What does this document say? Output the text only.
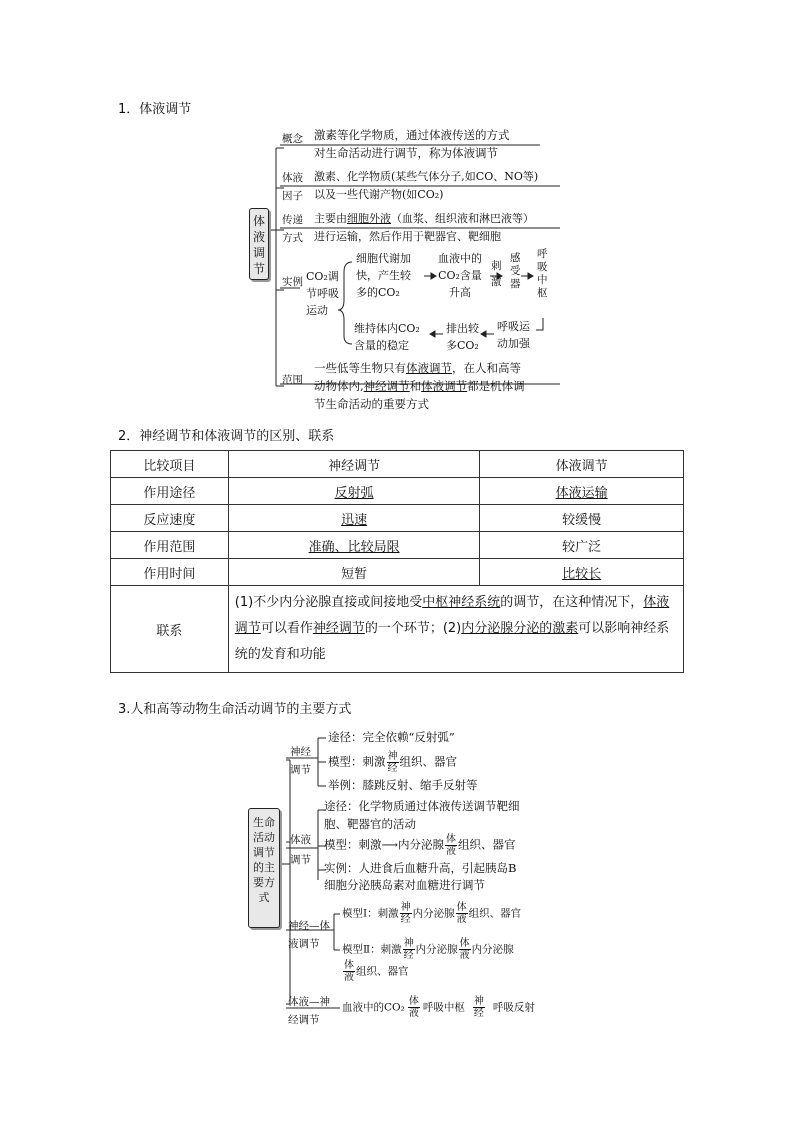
1．体液调节
体
液
调
节
概念 激素等化学物质，通过体液传送的方式
对生命活动进行调节，称为体液调节
体液
因子
激素、化学物质(某些气体分子,如CO、NO等)
以及一些代谢产物(如CO₂)
传递
方式
主要由细胞外液（血浆、组织液和淋巴液等）
进行运输，然后作用于靶器官、靶细胞
实例 CO₂调
节呼吸
运动
细胞代谢加
快，产生较
多的CO₂
血液中的
CO₂含量
升高
刺
激
感
受
器
呼
吸
中
枢
维持体内CO₂
含量的稳定
排出较
多CO₂
呼吸运
动加强
范围
一些低等生物只有体液调节，在人和高等
动物体内,神经调节和体液调节都是机体调
节生命活动的重要方式
2．神经调节和体液调节的区别、联系
比较项目	神经调节	体液调节
作用途径	反射弧	体液运输
反应速度	迅速	较缓慢
作用范围	准确、比较局限	较广泛
作用时间	短暂	比较长
联系	(1)不少内分泌腺直接或间接地受中枢神经系统的调节，在这种情况下，体液调节可以看作神经调节的一个环节；(2)内分泌腺分泌的激素可以影响神经系统的发育和功能	
3.人和高等动物生命活动调节的主要方式
生命
活动
调节
的主
要方
式
神经
调节
途径：完全依赖“反射弧”
模型：刺激 $\frac{\text{神}}{\text{经}}$ 组织、器官
举例：膝跳反射、缩手反射等
体液
调节
途径：化学物质通过体液传送调节靶细
胞、靶器官的活动
模型：刺激⟶内分泌腺 $\frac{\text{体}}{\text{液}}$ 组织、器官
实例：人进食后血糖升高，引起胰岛B
细胞分泌胰岛素对血糖进行调节
神经—体
液调节
模型Ⅰ：刺激 $\frac{\text{神}}{\text{经}}$ 内分泌腺 $\frac{\text{体}}{\text{液}}$ 组织、器官
模型Ⅱ：刺激 $\frac{\text{神}}{\text{经}}$ 内分泌腺 $\frac{\text{体}}{\text{液}}$ 内分泌腺
$\frac{\text{体}}{\text{液}}$ 组织、器官
体液—神
经调节
血液中的$CO_2 \frac{\text{体}}{\text{液}}$ 呼吸中枢 $\frac{\text{神}}{\text{经}}$ 呼吸反射
